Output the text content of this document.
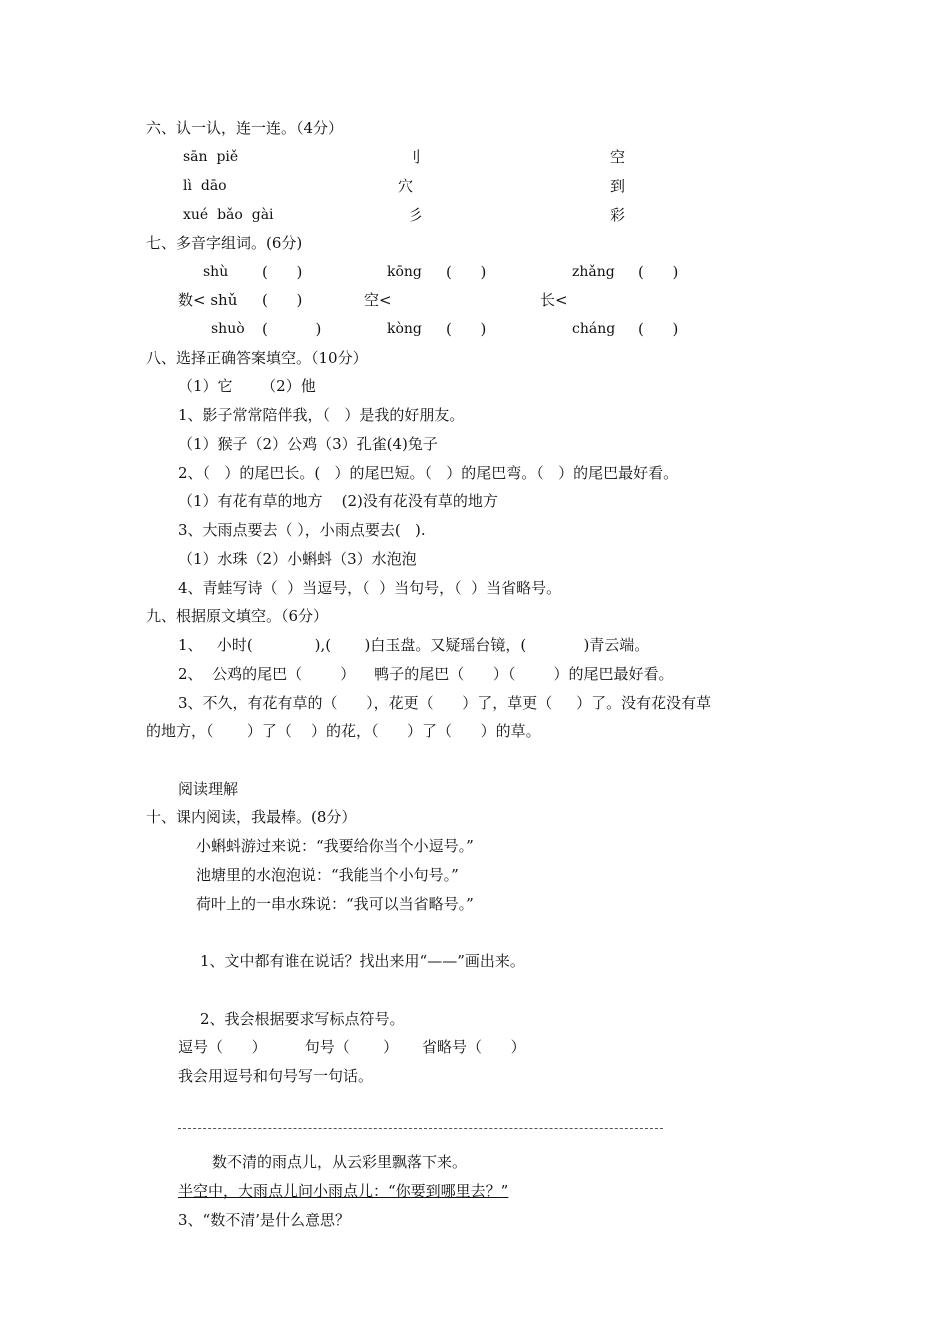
六、认一认，连一连。（4分）
sān  piě	刂	空
lì  dāo	穴	到
xué  bǎo  gài	彡	彩
七、多音字组词。(6分)
shù (      )	kōng (      )	zhǎng (      )
数< shǔ (      )	空<	长<
shuò (          )	kòng (      )	cháng (      )
八、选择正确答案填空。（10分）
（1）它      （2）他
1、影子常常陪伴我，（   ）是我的好朋友。
（1）猴子（2）公鸡（3）孔雀(4)兔子
2、（   ）的尾巴长。(   ）的尾巴短。（   ）的尾巴弯。（   ）的尾巴最好看。
（1）有花有草的地方    (2)没有花没有草的地方
3、大雨点要去（ ），小雨点要去(   ).
（1）水珠（2）小蝌蚪（3）水泡泡
4、青蛙写诗（  ）当逗号，（  ）当句号，（  ）当省略号。
九、根据原文填空。（6分）
1、   小时(             ),(       )白玉盘。又疑瑶台镜，(            )青云端。
2、  公鸡的尾巴（        ）    鸭子的尾巴（      ）（        ）的尾巴最好看。
3、不久，有花有草的（      ），花更（      ）了，草更（     ）了。没有花没有草
的地方，（       ）了（    ）的花，（      ）了（      ）的草。
阅读理解
十、课内阅读，我最棒。(8分）
小蝌蚪游过来说：“我要给你当个小逗号。”
池塘里的水泡泡说：“我能当个小句号。”
荷叶上的一串水珠说：“我可以当省略号。”
1、文中都有谁在说话？找出来用“——”画出来。
2、我会根据要求写标点符号。
逗号（      ）        句号（       ）     省略号（      ）
我会用逗号和句号写一句话。
数不清的雨点儿，从云彩里飘落下来。
半空中，大雨点儿问小雨点儿：“你要到哪里去？”
3、“数不清’是什么意思？
